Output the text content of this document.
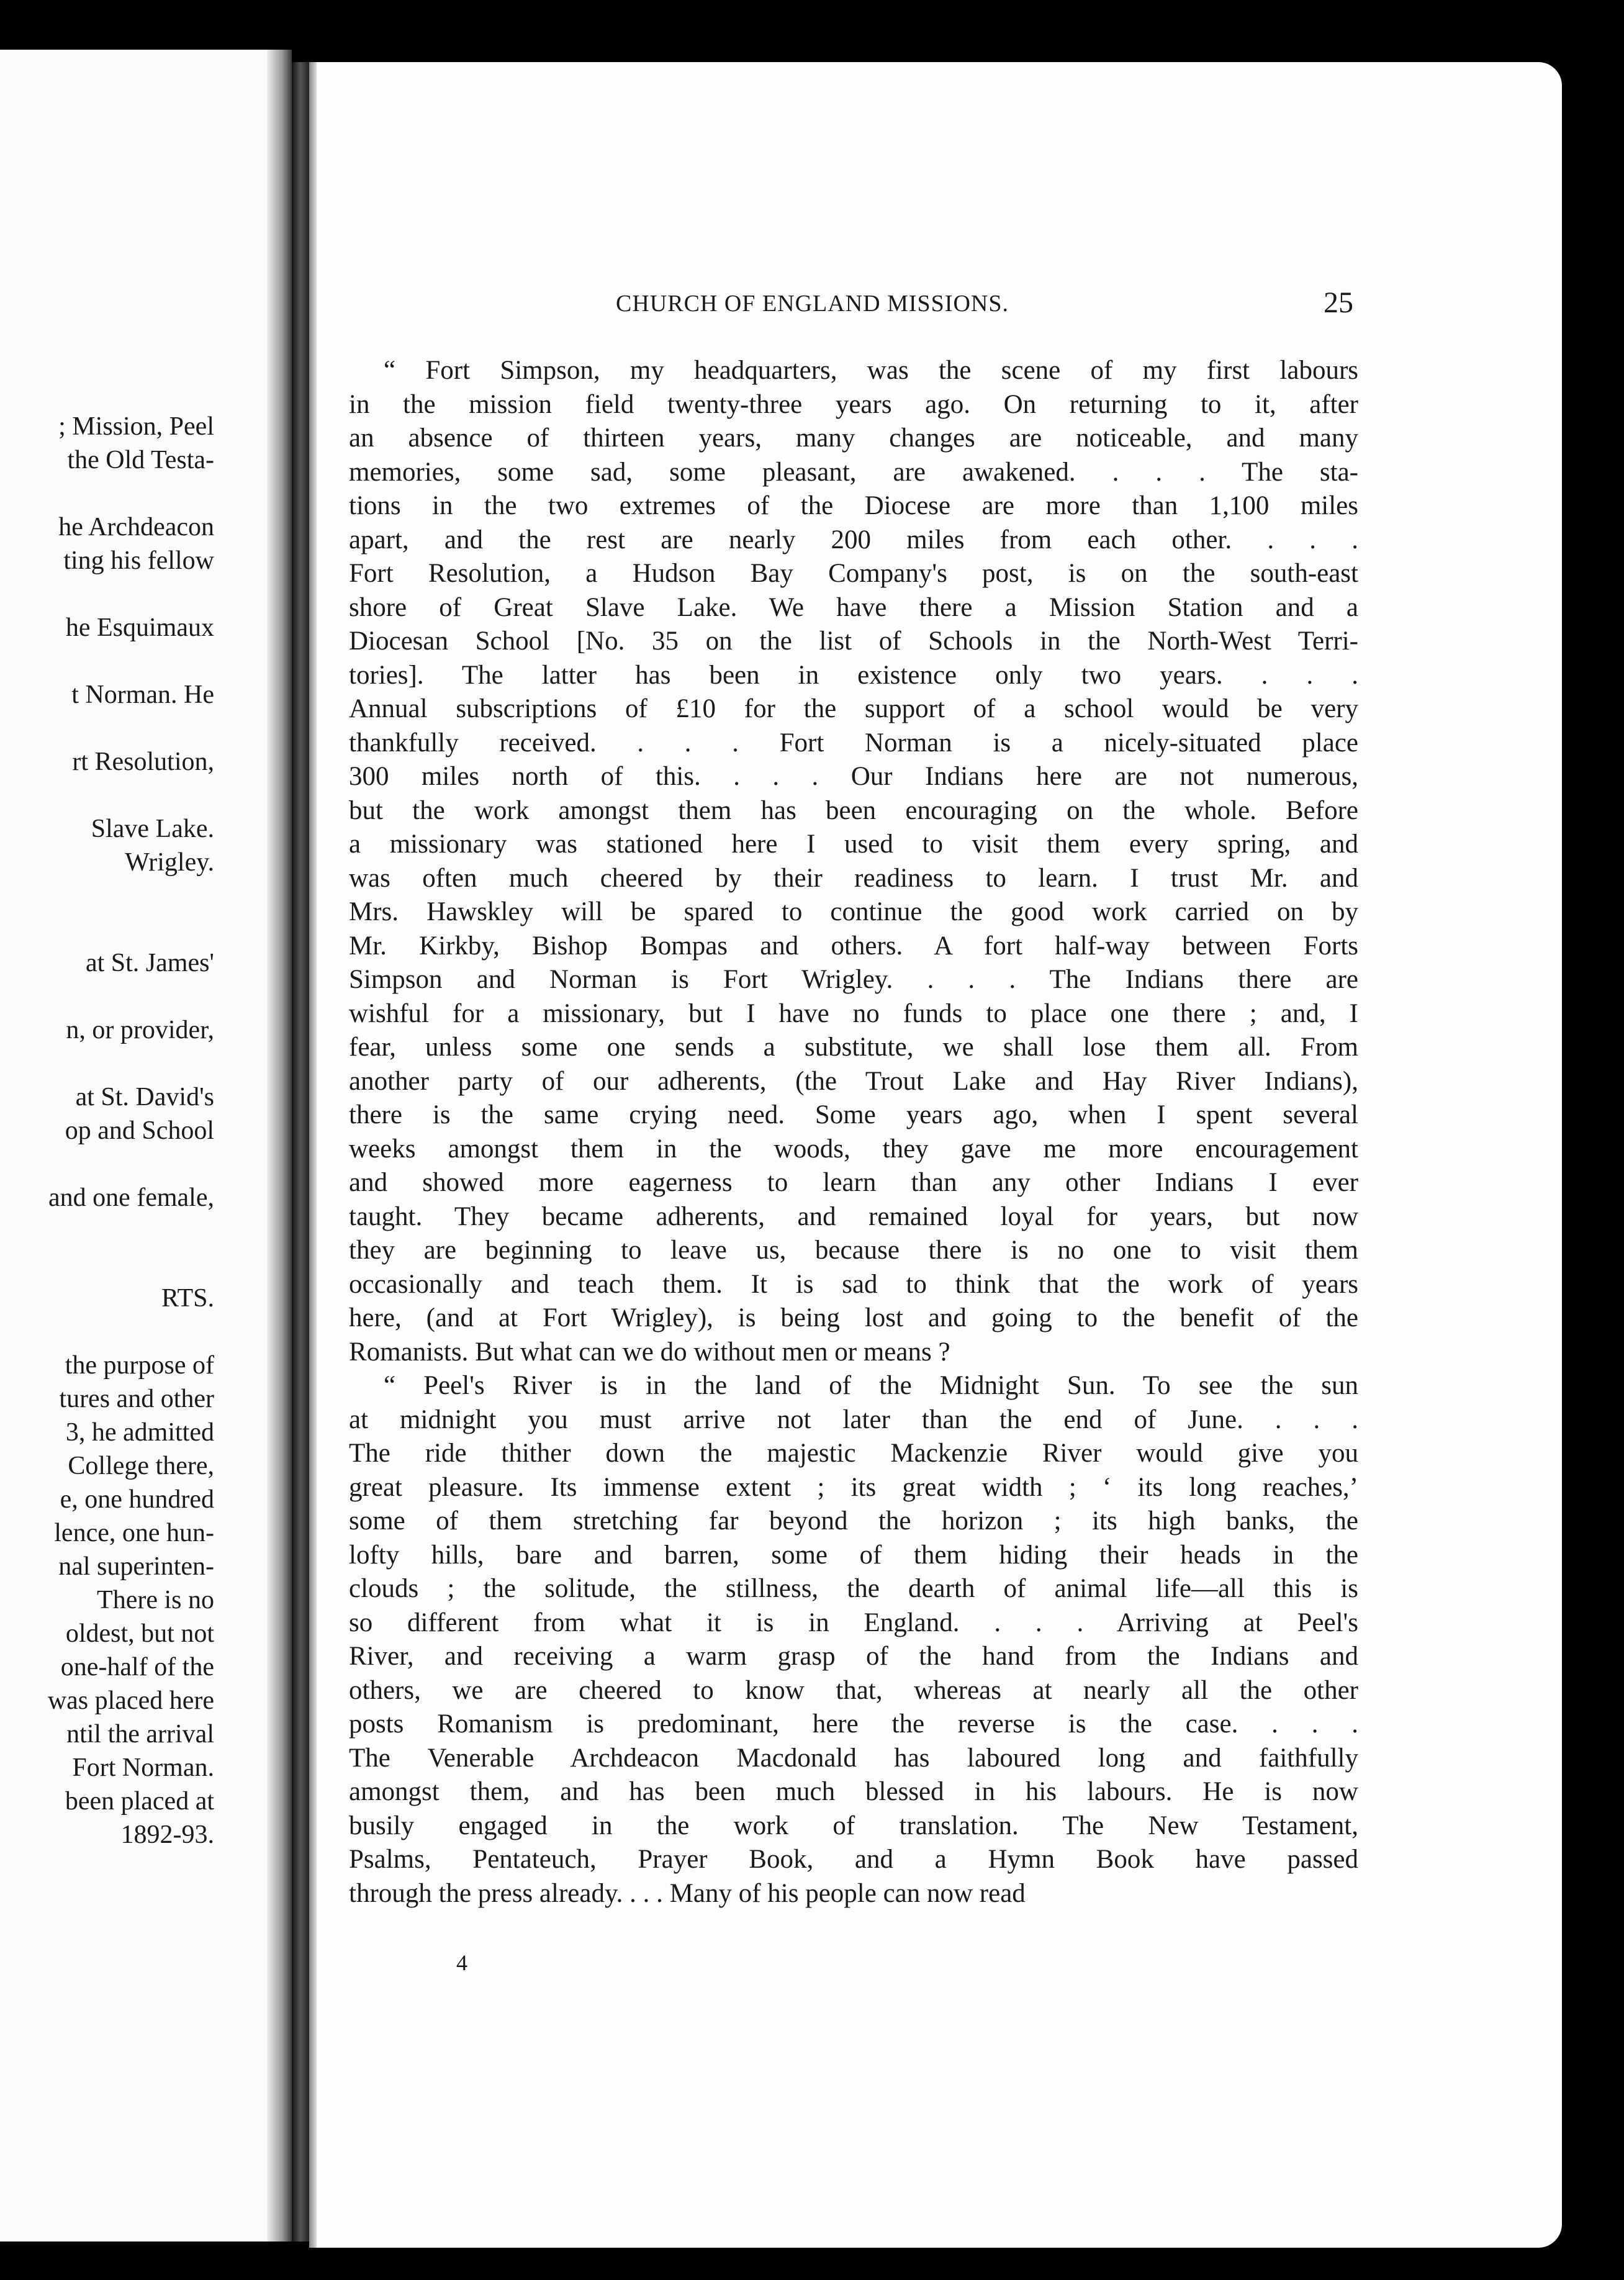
; Mission, Peel
the Old Testa-

he Archdeacon
ting his fellow

he Esquimaux

t Norman. He

rt Resolution,

Slave Lake.
Wrigley.

at St. James'

n, or provider,

at St. David's
op and School

and one female,

RTS.

the purpose of
tures and other
3, he admitted
College there,
e, one hundred
lence, one hun-
nal superinten-
There is no
oldest, but not
one-half of the
was placed here
ntil the arrival
Fort Norman.
been placed at
1892-93.
CHURCH OF ENGLAND MISSIONS.	25
“ Fort Simpson, my headquarters, was the scene of my first labours
in the mission field twenty-three years ago. On returning to it, after
an absence of thirteen years, many changes are noticeable, and many
memories, some sad, some pleasant, are awakened. . . . The sta-
tions in the two extremes of the Diocese are more than 1,100 miles
apart, and the rest are nearly 200 miles from each other. . . .
Fort Resolution, a Hudson Bay Company's post, is on the south-east
shore of Great Slave Lake. We have there a Mission Station and a
Diocesan School [No. 35 on the list of Schools in the North-West Terri-
tories]. The latter has been in existence only two years. . . .
Annual subscriptions of £10 for the support of a school would be very
thankfully received. . . . Fort Norman is a nicely-situated place
300 miles north of this. . . . Our Indians here are not numerous,
but the work amongst them has been encouraging on the whole. Before
a missionary was stationed here I used to visit them every spring, and
was often much cheered by their readiness to learn. I trust Mr. and
Mrs. Hawskley will be spared to continue the good work carried on by
Mr. Kirkby, Bishop Bompas and others. A fort half-way between Forts
Simpson and Norman is Fort Wrigley. . . . The Indians there are
wishful for a missionary, but I have no funds to place one there ; and, I
fear, unless some one sends a substitute, we shall lose them all. From
another party of our adherents, (the Trout Lake and Hay River Indians),
there is the same crying need. Some years ago, when I spent several
weeks amongst them in the woods, they gave me more encouragement
and showed more eagerness to learn than any other Indians I ever
taught. They became adherents, and remained loyal for years, but now
they are beginning to leave us, because there is no one to visit them
occasionally and teach them. It is sad to think that the work of years
here, (and at Fort Wrigley), is being lost and going to the benefit of the
Romanists. But what can we do without men or means ?
“ Peel's River is in the land of the Midnight Sun. To see the sun
at midnight you must arrive not later than the end of June. . . .
The ride thither down the majestic Mackenzie River would give you
great pleasure. Its immense extent ; its great width ; ‘ its long reaches,’
some of them stretching far beyond the horizon ; its high banks, the
lofty hills, bare and barren, some of them hiding their heads in the
clouds ; the solitude, the stillness, the dearth of animal life—all this is
so different from what it is in England. . . . Arriving at Peel's
River, and receiving a warm grasp of the hand from the Indians and
others, we are cheered to know that, whereas at nearly all the other
posts Romanism is predominant, here the reverse is the case. . . .
The Venerable Archdeacon Macdonald has laboured long and faithfully
amongst them, and has been much blessed in his labours. He is now
busily engaged in the work of translation. The New Testament,
Psalms, Pentateuch, Prayer Book, and a Hymn Book have passed
through the press already. . . . Many of his people can now read
4
